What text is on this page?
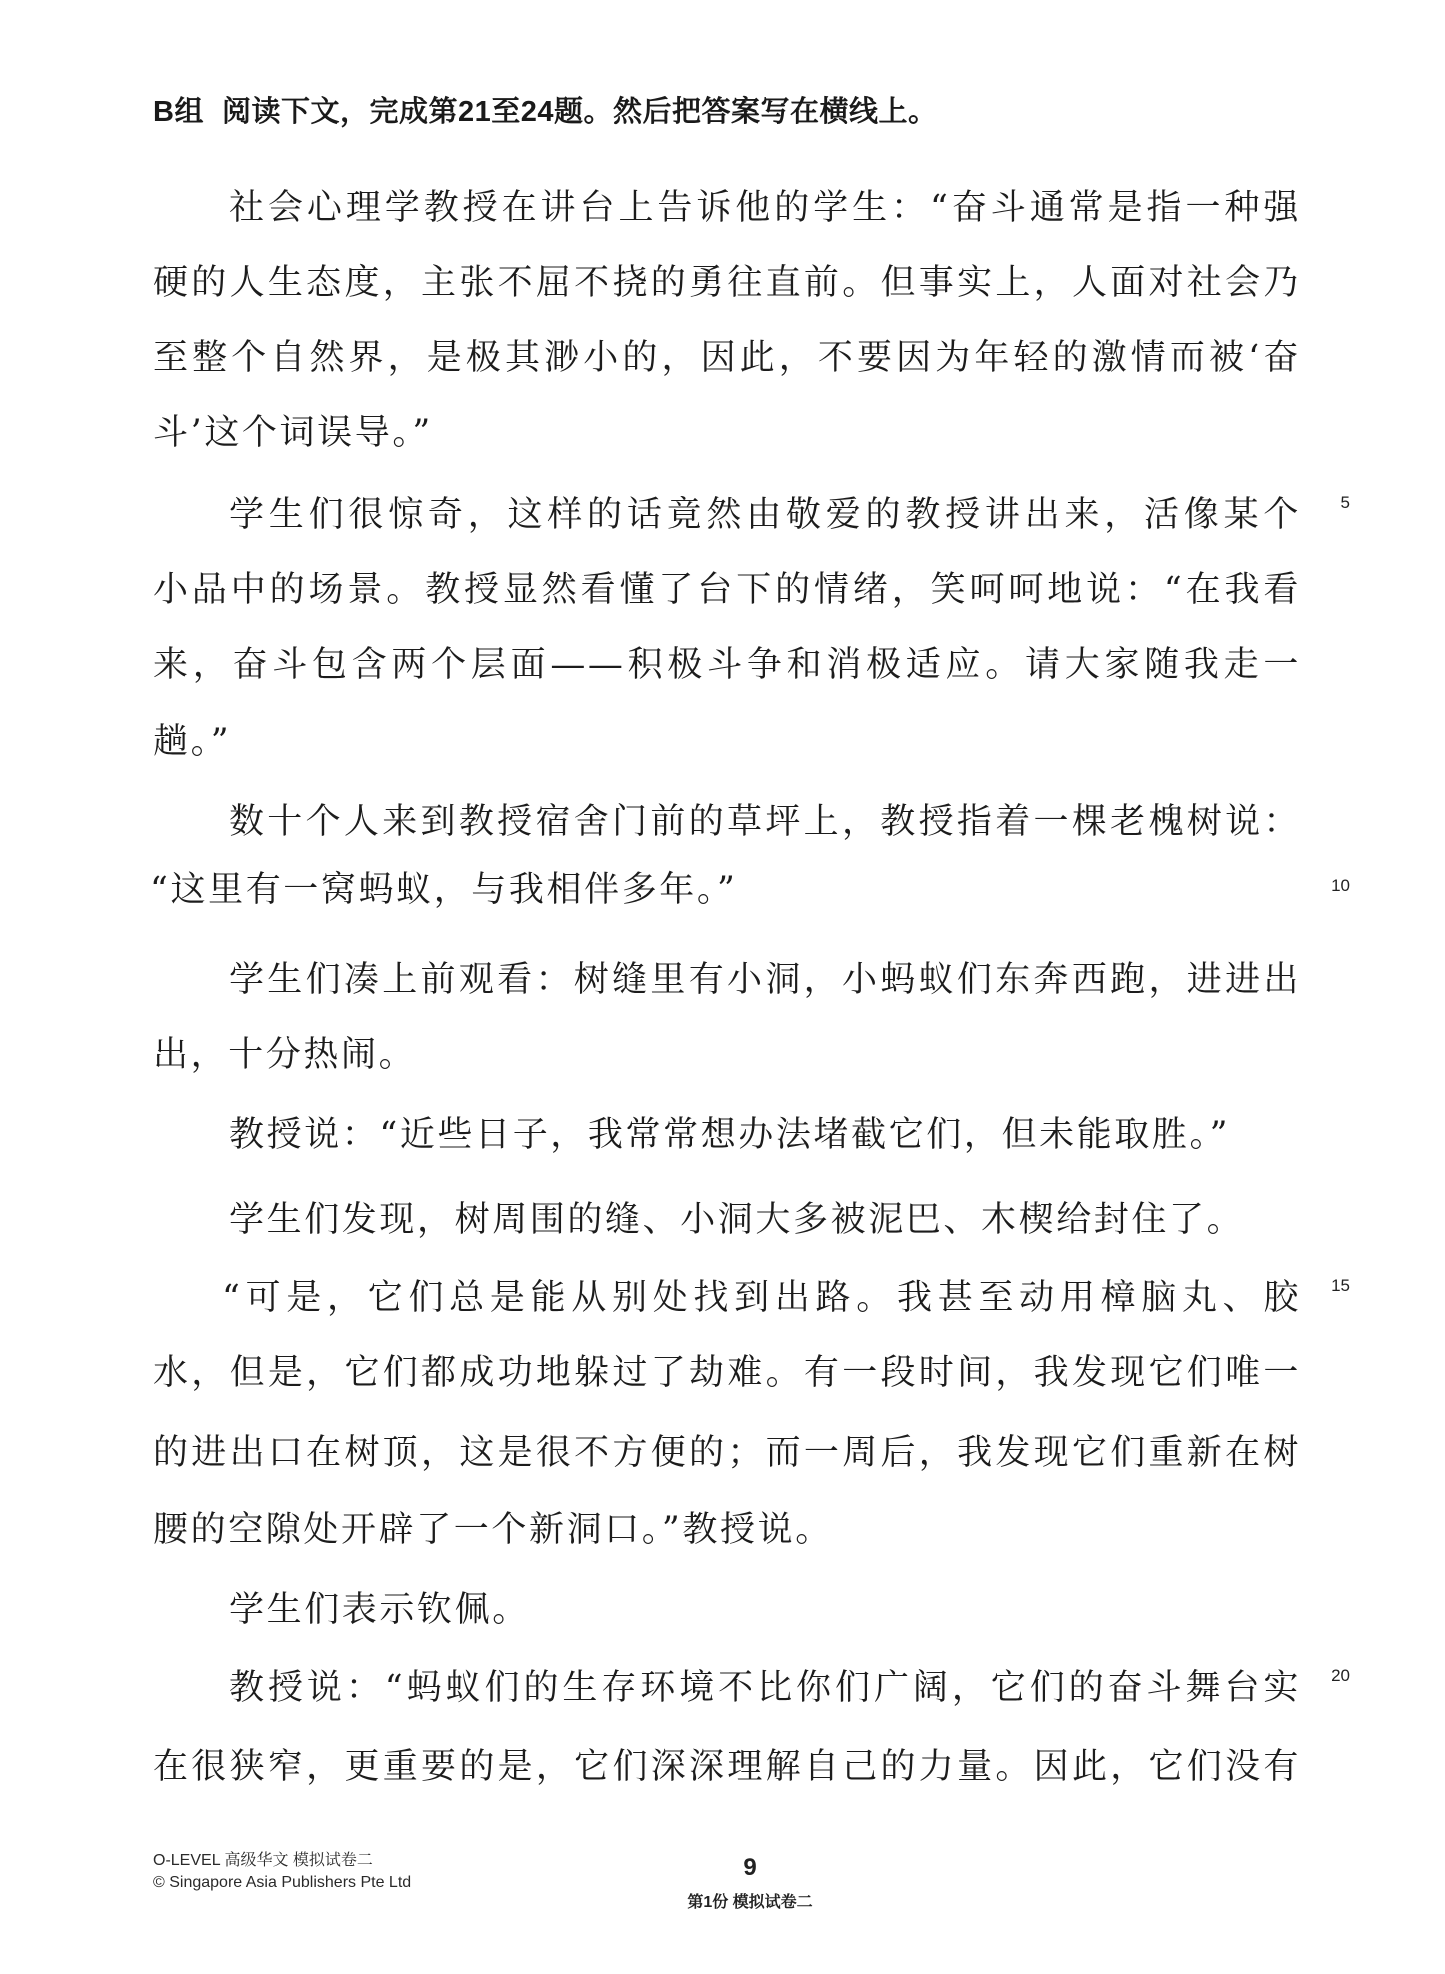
B组 阅读下文，完成第21至24题。然后把答案写在横线上。
社会心理学教授在讲台上告诉他的学生：“奋斗通常是指一种强
硬的人生态度，主张不屈不挠的勇往直前。但事实上，人面对社会乃
至整个自然界，是极其渺小的，因此，不要因为年轻的激情而被‘奋
斗’这个词误导。”
学生们很惊奇，这样的话竟然由敬爱的教授讲出来，活像某个	5
小品中的场景。教授显然看懂了台下的情绪，笑呵呵地说：“在我看
来，奋斗包含两个层面——积极斗争和消极适应。请大家随我走一
趟。”
数十个人来到教授宿舍门前的草坪上，教授指着一棵老槐树说：
“这里有一窝蚂蚁，与我相伴多年。”	10
学生们凑上前观看：树缝里有小洞，小蚂蚁们东奔西跑，进进出
出，十分热闹。
教授说：“近些日子，我常常想办法堵截它们，但未能取胜。”
学生们发现，树周围的缝、小洞大多被泥巴、木楔给封住了。
“可是，它们总是能从别处找到出路。我甚至动用樟脑丸、胶	15
水，但是，它们都成功地躲过了劫难。有一段时间，我发现它们唯一
的进出口在树顶，这是很不方便的；而一周后，我发现它们重新在树
腰的空隙处开辟了一个新洞口。”教授说。
学生们表示钦佩。
教授说：“蚂蚁们的生存环境不比你们广阔，它们的奋斗舞台实	20
在很狭窄，更重要的是，它们深深理解自己的力量。因此，它们没有
O-LEVEL 高级华文 模拟试卷二
© Singapore Asia Publishers Pte Ltd
9
第1份 模拟试卷二
